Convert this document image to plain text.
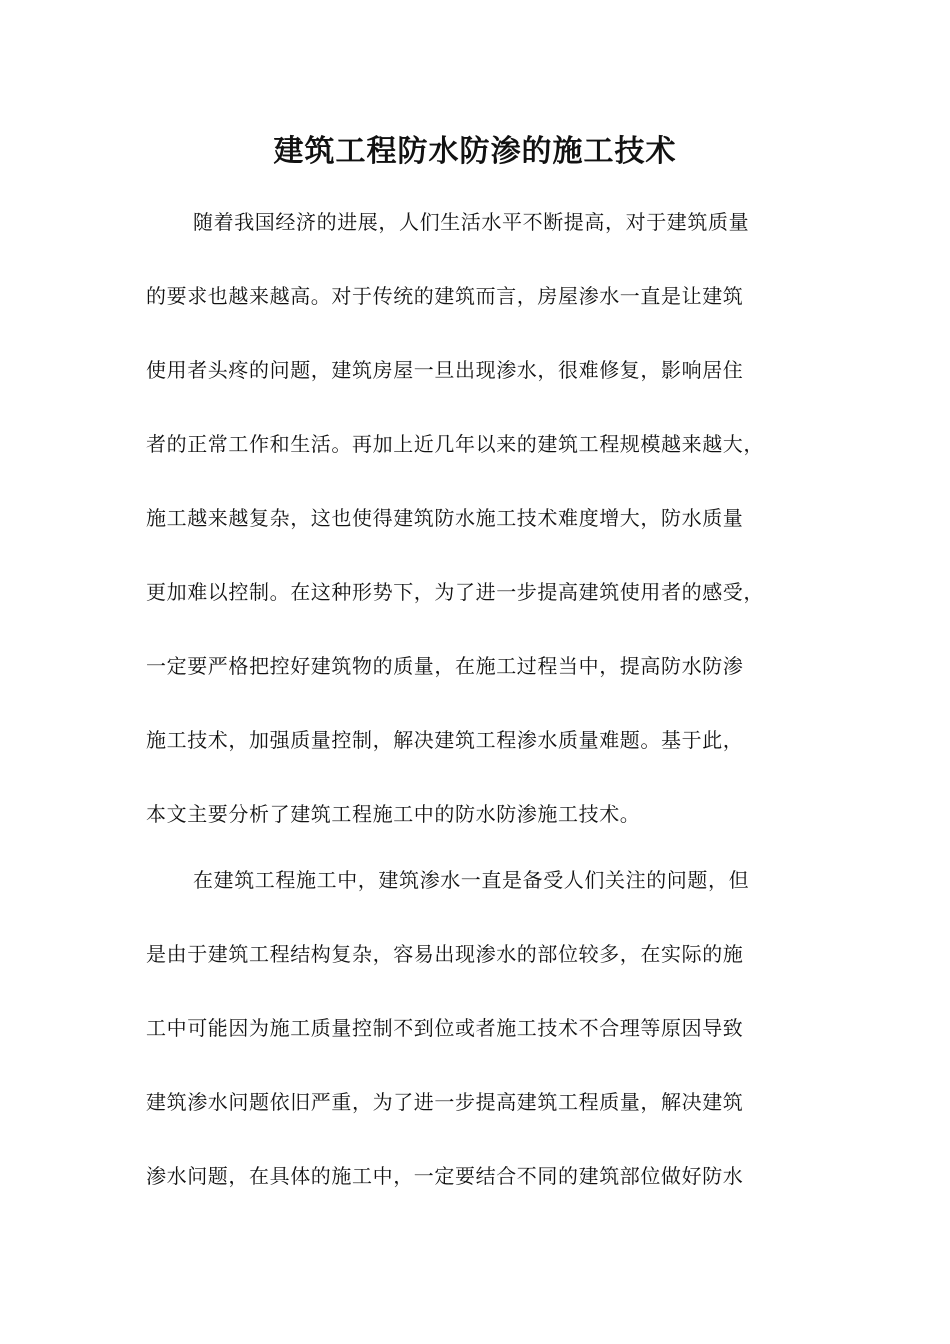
建筑工程防水防渗的施工技术
随着我国经济的进展，人们生活水平不断提高，对于建筑质量
的要求也越来越高。对于传统的建筑而言，房屋渗水一直是让建筑
使用者头疼的问题，建筑房屋一旦出现渗水，很难修复，影响居住
者的正常工作和生活。再加上近几年以来的建筑工程规模越来越大，
施工越来越复杂，这也使得建筑防水施工技术难度增大，防水质量
更加难以控制。在这种形势下，为了进一步提高建筑使用者的感受，
一定要严格把控好建筑物的质量，在施工过程当中，提高防水防渗
施工技术，加强质量控制，解决建筑工程渗水质量难题。基于此，
本文主要分析了建筑工程施工中的防水防渗施工技术。
在建筑工程施工中，建筑渗水一直是备受人们关注的问题，但
是由于建筑工程结构复杂，容易出现渗水的部位较多，在实际的施
工中可能因为施工质量控制不到位或者施工技术不合理等原因导致
建筑渗水问题依旧严重，为了进一步提高建筑工程质量，解决建筑
渗水问题，在具体的施工中，一定要结合不同的建筑部位做好防水
